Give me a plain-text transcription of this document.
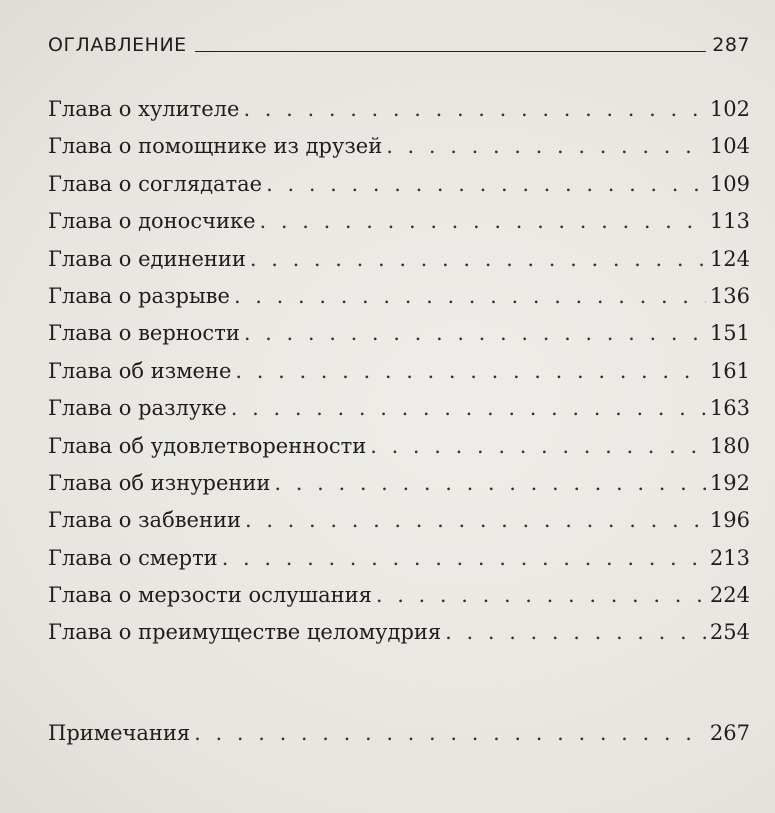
ОГЛАВЛЕНИЕ	287
Глава о хулителе . . .	102
Глава о помощнике из друзей . . .	104
Глава о соглядатае . . .	109
Глава о доносчике . . .	113
Глава о единении . . .	124
Глава о разрыве . . .	136
Глава о верности . . .	151
Глава об измене . . .	161
Глава о разлуке . . .	163
Глава об удовлетворенности . . .	180
Глава об изнурении . . .	192
Глава о забвении . . .	196
Глава о смерти . . .	213
Глава о мерзости ослушания . . .	224
Глава о преимуществе целомудрия . . .	254
Примечания . . .	267
